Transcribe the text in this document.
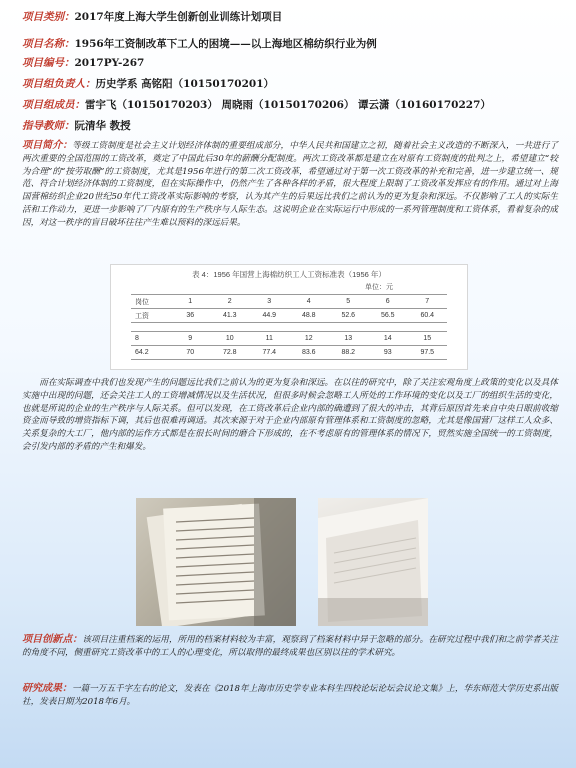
项目类别：2017年度上海大学生创新创业训练计划项目
项目名称：1956年工资制改革下工人的困境——以上海地区棉纺织行业为例
项目编号：2017PY-267
项目组负责人：历史学系 高铭阳（10150170201）
项目组成员：雷宇飞（10150170203） 周晓雨（10150170206） 谭云潇（10160170227）
指导教师：阮清华 教授
项目简介：等级工资制度是社会主义计划经济体制的重要组成部分，中华人民共和国建立之初，随着社会主义改造的不断深入，一共进行了两次重要的全国范围的工资改革，奠定了中国此后30年的薪酬分配制度。两次工资改革都是建立在对原有工资制度的批判之上，希望建立“较为合理”的“按劳取酬”的工资制度，尤其是1956年进行的第二次工资改革，希望通过对于第一次工资改革的补充和完善，进一步建立统一、规范、符合计划经济体制的工资制度，但在实际操作中，仍然产生了各种各样的矛盾，很大程度上限制了工资改革发挥应有的作用。通过对上海国营棉纺织企业20世纪50年代工资改革实际影响的考察，认为其产生的后果远比我们之前认为的更为复杂和深远。不仅影响了工人的实际生活和工作动力，更进一步影响了厂内原有的生产秩序与人际生态。这说明企业在实际运行中形成的一系列管理制度和工资体系，看着复杂的成因，对这一秩序的盲目破坏往往产生难以预料的深远后果。
表 4：1956 年国营上海棉纺织工人工资标准表（1956 年）
单位：元
岗位	1	2	3	4	5	6	7
工资	36	41.3	44.9	48.8	52.6	56.5	60.4
8	9	10	11	12	13	14	15
64.2	70	72.8	77.4	83.6	88.2	93	97.5
而在实际调查中我们也发现产生的问题远比我们之前认为的更为复杂和深远。在以往的研究中，除了关注宏观角度上政策的变化以及具体实施中出现的问题，还会关注工人的工资增减情况以及生活状况，但很多时候会忽略工人所处的工作环境的变化以及工厂的组织生活的变化，也就是所说的企业的生产秩序与人际关系。但可以发现，在工资改革后企业内部的确遭到了很大的冲击，其背后原因首先来自中央日眼前收缩资金而导致的增资指标下调，其后也很难再调适。其次来源于对于企业内部原有管理体系和工资制度的忽略，尤其是像国营厂这样工人众多、关系复杂的大工厂，他内部的运作方式都是在很长时间的磨合下形成的，在不考虑原有的管理体系的情况下，贸然实施全国统一的工资制度，会引发内部的矛盾的产生和爆发。
项目创新点：该项目注重档案的运用，所用的档案材料较为丰富，观察到了档案材料中异于忽略的部分。在研究过程中我们和之前学者关注的角度不同，侧重研究工资改革中的工人的心理变化，所以取得的最终成果也区别以往的学术研究。
研究成果：一篇一万五千字左右的论文，发表在《2018年上海市历史学专业本科生四校论坛论坛会议论文集》上，华东师范大学历史系出版社，发表日期为2018年6月。
